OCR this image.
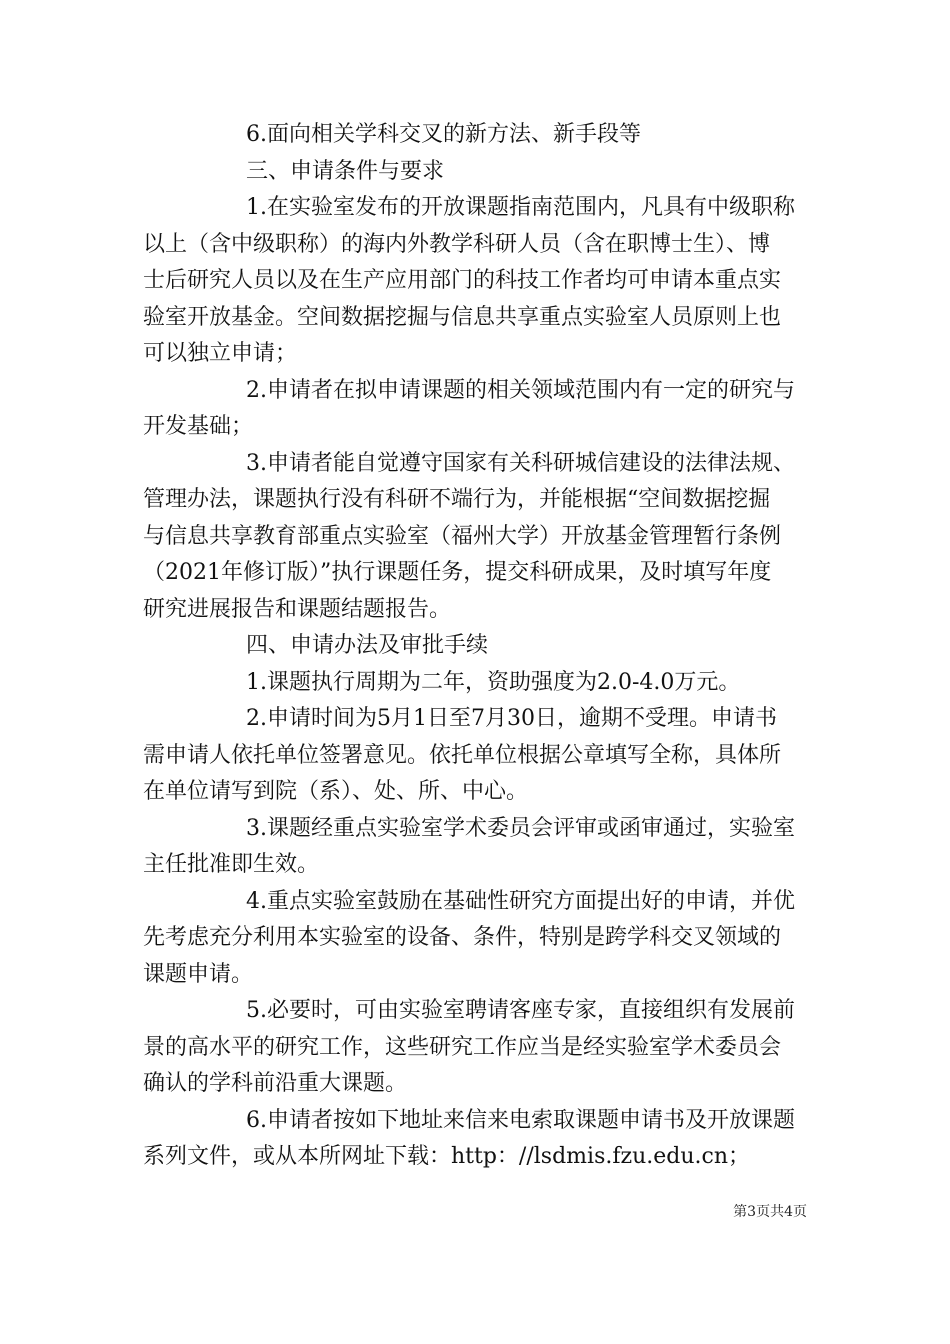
6.面向相关学科交叉的新方法、新手段等
三、申请条件与要求
1.在实验室发布的开放课题指南范围内，凡具有中级职称
以上（含中级职称）的海内外教学科研人员（含在职博士生）、博
士后研究人员以及在生产应用部门的科技工作者均可申请本重点实
验室开放基金。空间数据挖掘与信息共享重点实验室人员原则上也
可以独立申请；
2.申请者在拟申请课题的相关领域范围内有一定的研究与
开发基础；
3.申请者能自觉遵守国家有关科研城信建设的法律法规、
管理办法，课题执行没有科研不端行为，并能根据“空间数据挖掘
与信息共享教育部重点实验室（福州大学）开放基金管理暂行条例
（2021年修订版）”执行课题任务，提交科研成果，及时填写年度
研究进展报告和课题结题报告。
四、申请办法及审批手续
1.课题执行周期为二年，资助强度为2.0-4.0万元。
2.申请时间为5月1日至7月30日，逾期不受理。申请书
需申请人依托单位签署意见。依托单位根据公章填写全称，具体所
在单位请写到院（系）、处、所、中心。
3.课题经重点实验室学术委员会评审或函审通过，实验室
主任批准即生效。
4.重点实验室鼓励在基础性研究方面提出好的申请，并优
先考虑充分利用本实验室的设备、条件，特别是跨学科交叉领域的
课题申请。
5.必要时，可由实验室聘请客座专家，直接组织有发展前
景的高水平的研究工作，这些研究工作应当是经实验室学术委员会
确认的学科前沿重大课题。
6.申请者按如下地址来信来电索取课题申请书及开放课题
系列文件，或从本所网址下载：http：//lsdmis.fzu.edu.cn；
第3页共4页
